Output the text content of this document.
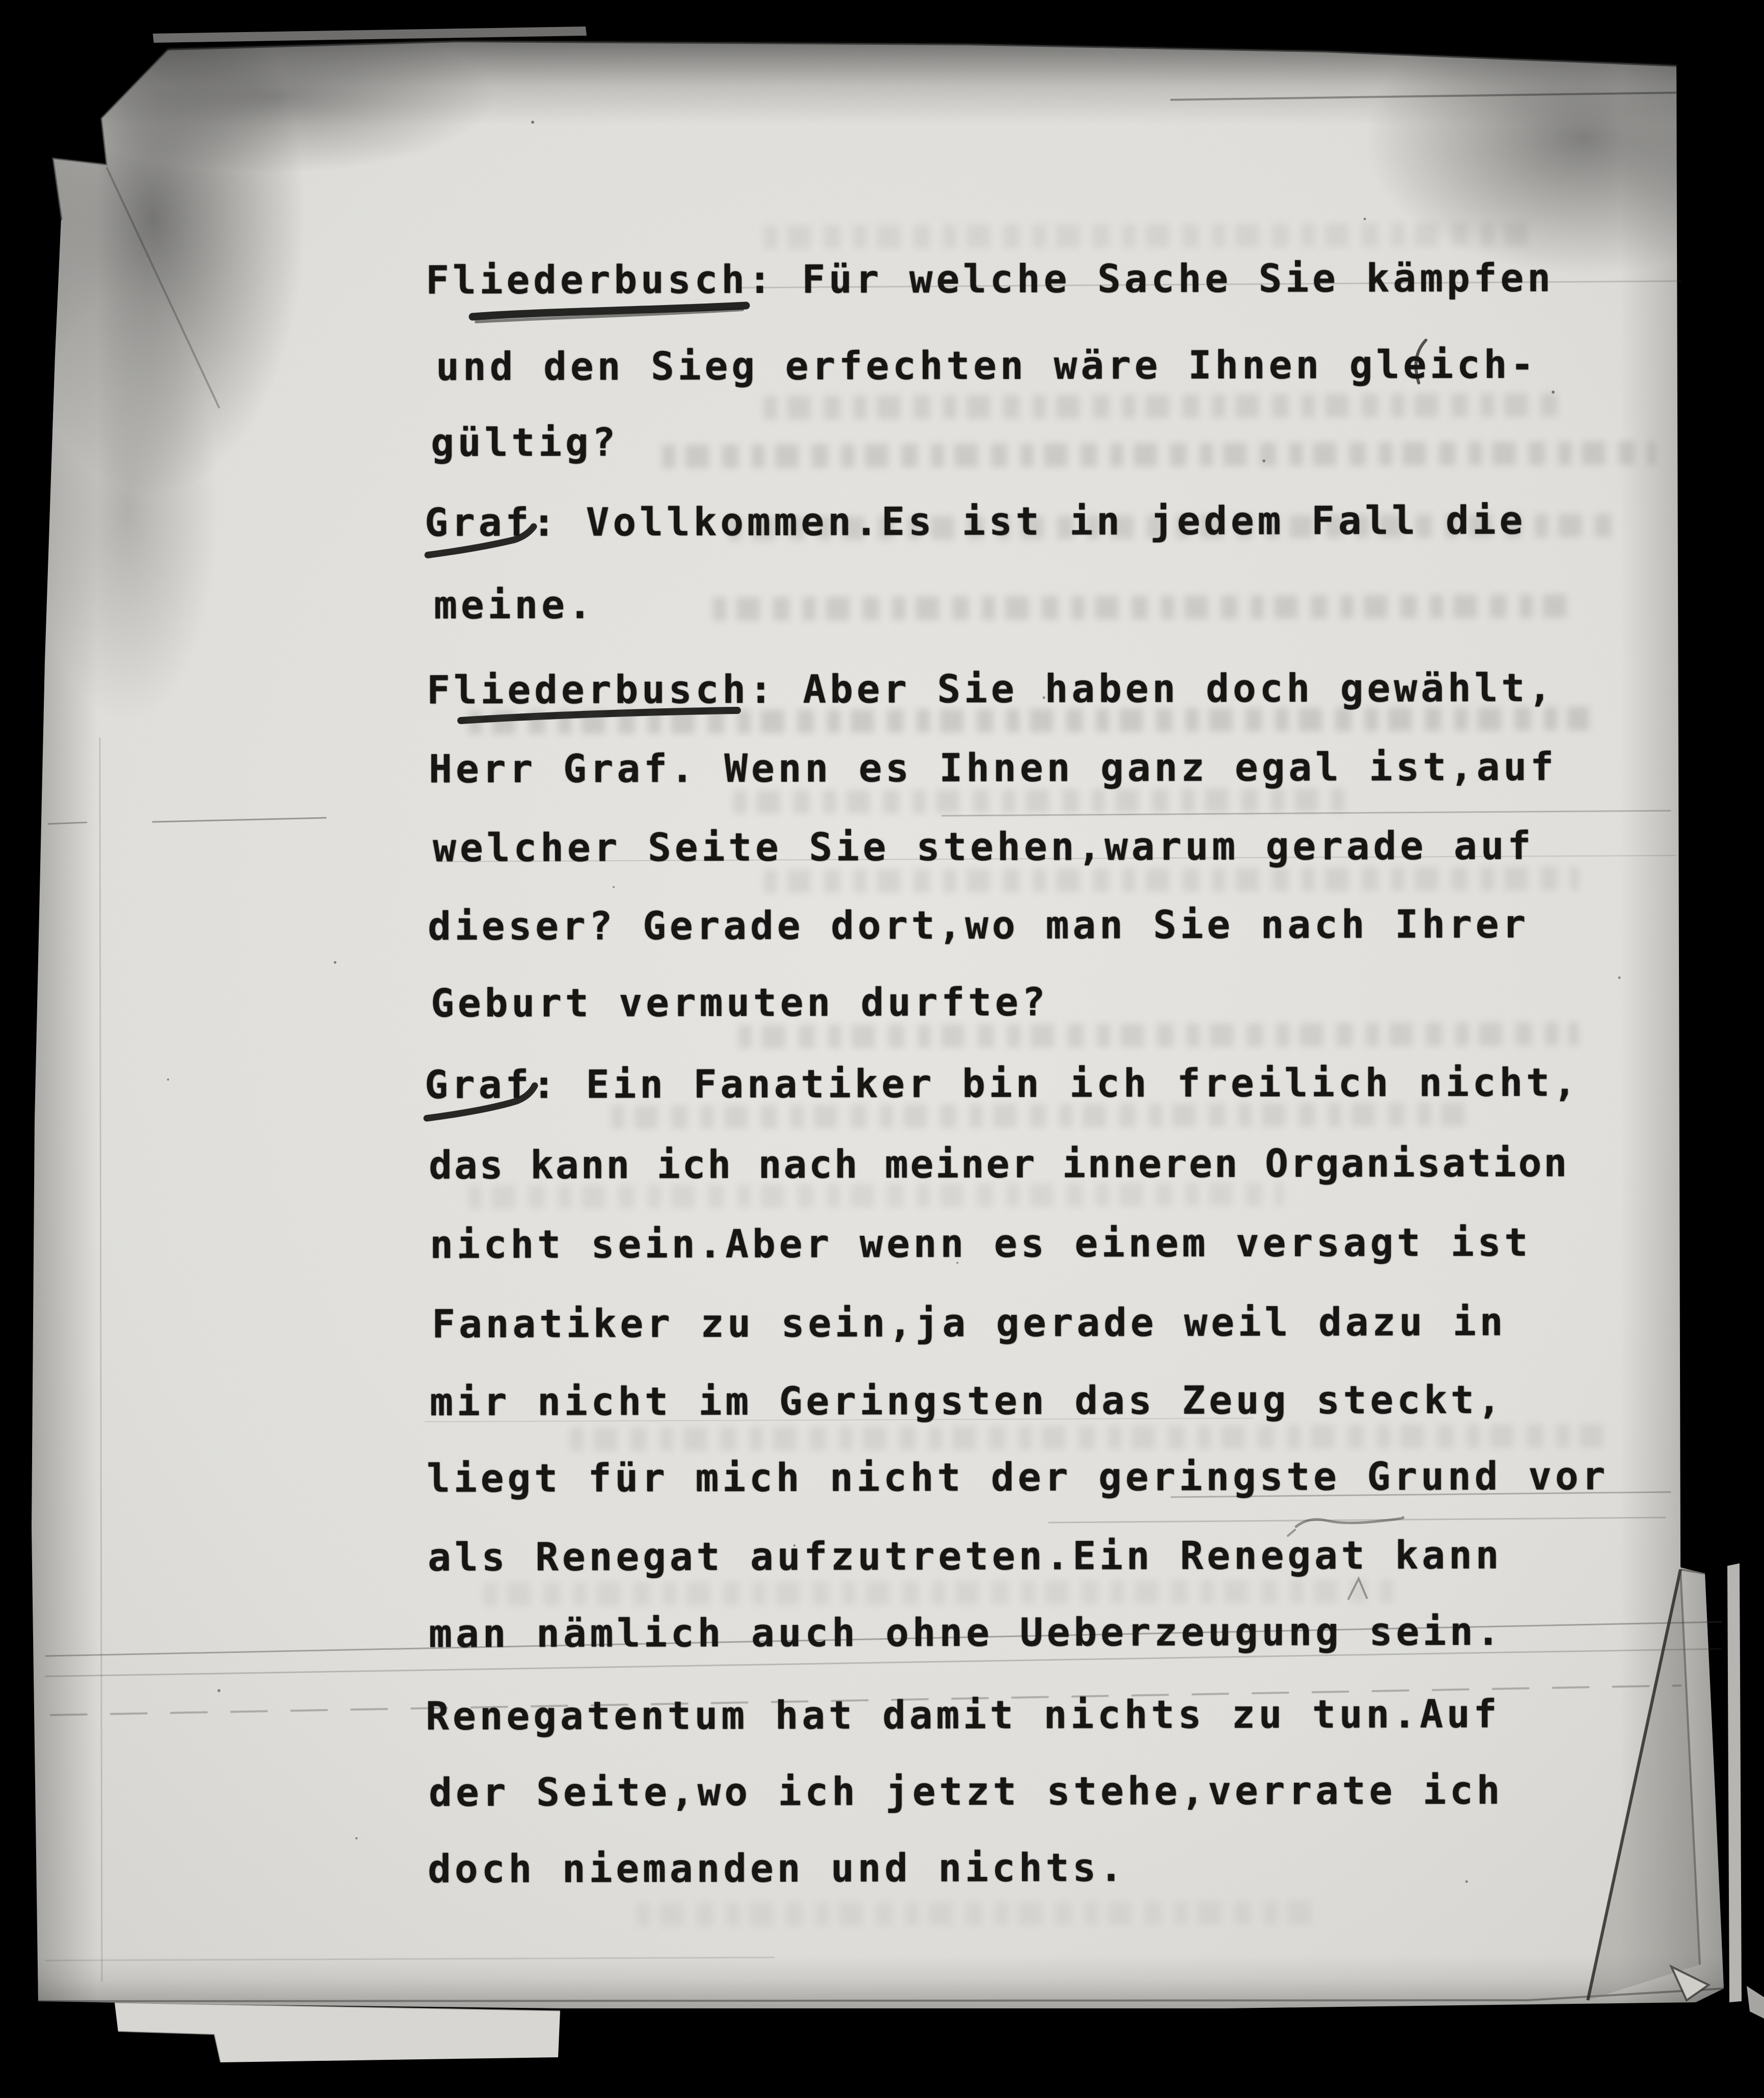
Fliederbusch: Für welche Sache Sie kämpfen
und den Sieg erfechten wäre Ihnen gleich-
gültig?
Graf: Vollkommen.Es ist in jedem Fall die
meine.
Fliederbusch: Aber Sie haben doch gewählt,
Herr Graf. Wenn es Ihnen ganz egal ist,auf
welcher Seite Sie stehen,warum gerade auf
dieser? Gerade dort,wo man Sie nach Ihrer
Geburt vermuten durfte?
Graf: Ein Fanatiker bin ich freilich nicht,
das kann ich nach meiner inneren Organisation
nicht sein.Aber wenn es einem versagt ist
Fanatiker zu sein,ja gerade weil dazu in
mir nicht im Geringsten das Zeug steckt,
liegt für mich nicht der geringste Grund vor
als Renegat aufzutreten.Ein Renegat kann
man nämlich auch ohne Ueberzeugung sein.
Renegatentum hat damit nichts zu tun.Auf
der Seite,wo ich jetzt stehe,verrate ich
doch niemanden und nichts.
